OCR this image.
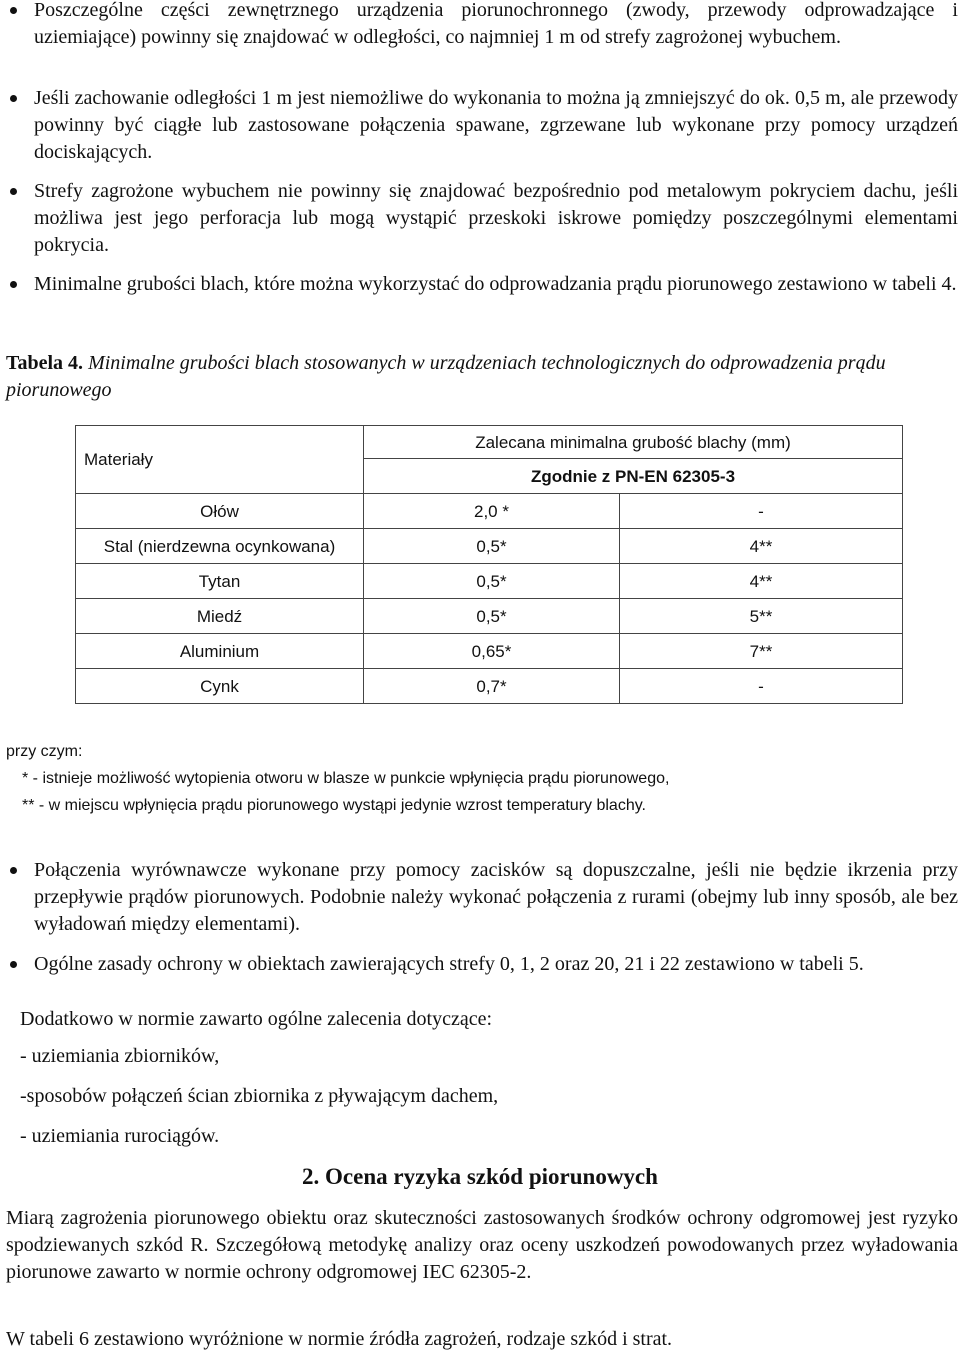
Poszczególne części zewnętrznego urządzenia piorunochronnego (zwody, przewody odprowadzające i uziemiające) powinny się znajdować w odległości, co najmniej 1 m od strefy zagrożonej wybuchem.
Jeśli zachowanie odległości 1 m jest niemożliwe do wykonania to można ją zmniejszyć do ok. 0,5 m, ale przewody powinny być ciągłe lub zastosowane połączenia spawane, zgrzewane lub wykonane przy pomocy urządzeń dociskających.
Strefy zagrożone wybuchem nie powinny się znajdować bezpośrednio pod metalowym pokryciem dachu, jeśli możliwa jest jego perforacja lub mogą wystąpić przeskoki iskrowe pomiędzy poszczególnymi elementami pokrycia.
Minimalne grubości blach, które można wykorzystać do odprowadzania prądu piorunowego zestawiono w tabeli 4.
Tabela 4. Minimalne grubości blach stosowanych w urządzeniach technologicznych do odprowadzenia prądu piorunowego
Materiały	Zalecana minimalna grubość blachy (mm)	
	Zgodnie z PN-EN 62305-3	
Ołów	2,0 *	-
Stal (nierdzewna ocynkowana)	0,5*	4**
Tytan	0,5*	4**
Miedź	0,5*	5**
Aluminium	0,65*	7**
Cynk	0,7*	-
przy czym:
* - istnieje możliwość wytopienia otworu w blasze w punkcie wpłynięcia prądu piorunowego,
** - w miejscu wpłynięcia prądu piorunowego wystąpi jedynie wzrost temperatury blachy.
Połączenia wyrównawcze wykonane przy pomocy zacisków są dopuszczalne, jeśli nie będzie ikrzenia przy przepływie prądów piorunowych. Podobnie należy wykonać połączenia z rurami (obejmy lub inny sposób, ale bez wyładowań między elementami).
Ogólne zasady ochrony w obiektach zawierających strefy 0, 1, 2 oraz 20, 21 i 22 zestawiono w tabeli 5.
Dodatkowo w normie zawarto ogólne zalecenia dotyczące:
- uziemiania zbiorników,
-sposobów połączeń ścian zbiornika z pływającym dachem,
- uziemiania rurociągów.
2. Ocena ryzyka szkód piorunowych
Miarą zagrożenia piorunowego obiektu oraz skuteczności zastosowanych środków ochrony odgromowej jest ryzyko spodziewanych szkód R. Szczegółową metodykę analizy oraz oceny uszkodzeń powodowanych przez wyładowania piorunowe zawarto w normie ochrony odgromowej IEC 62305-2.
W tabeli 6 zestawiono wyróżnione w normie źródła zagrożeń, rodzaje szkód i strat.
